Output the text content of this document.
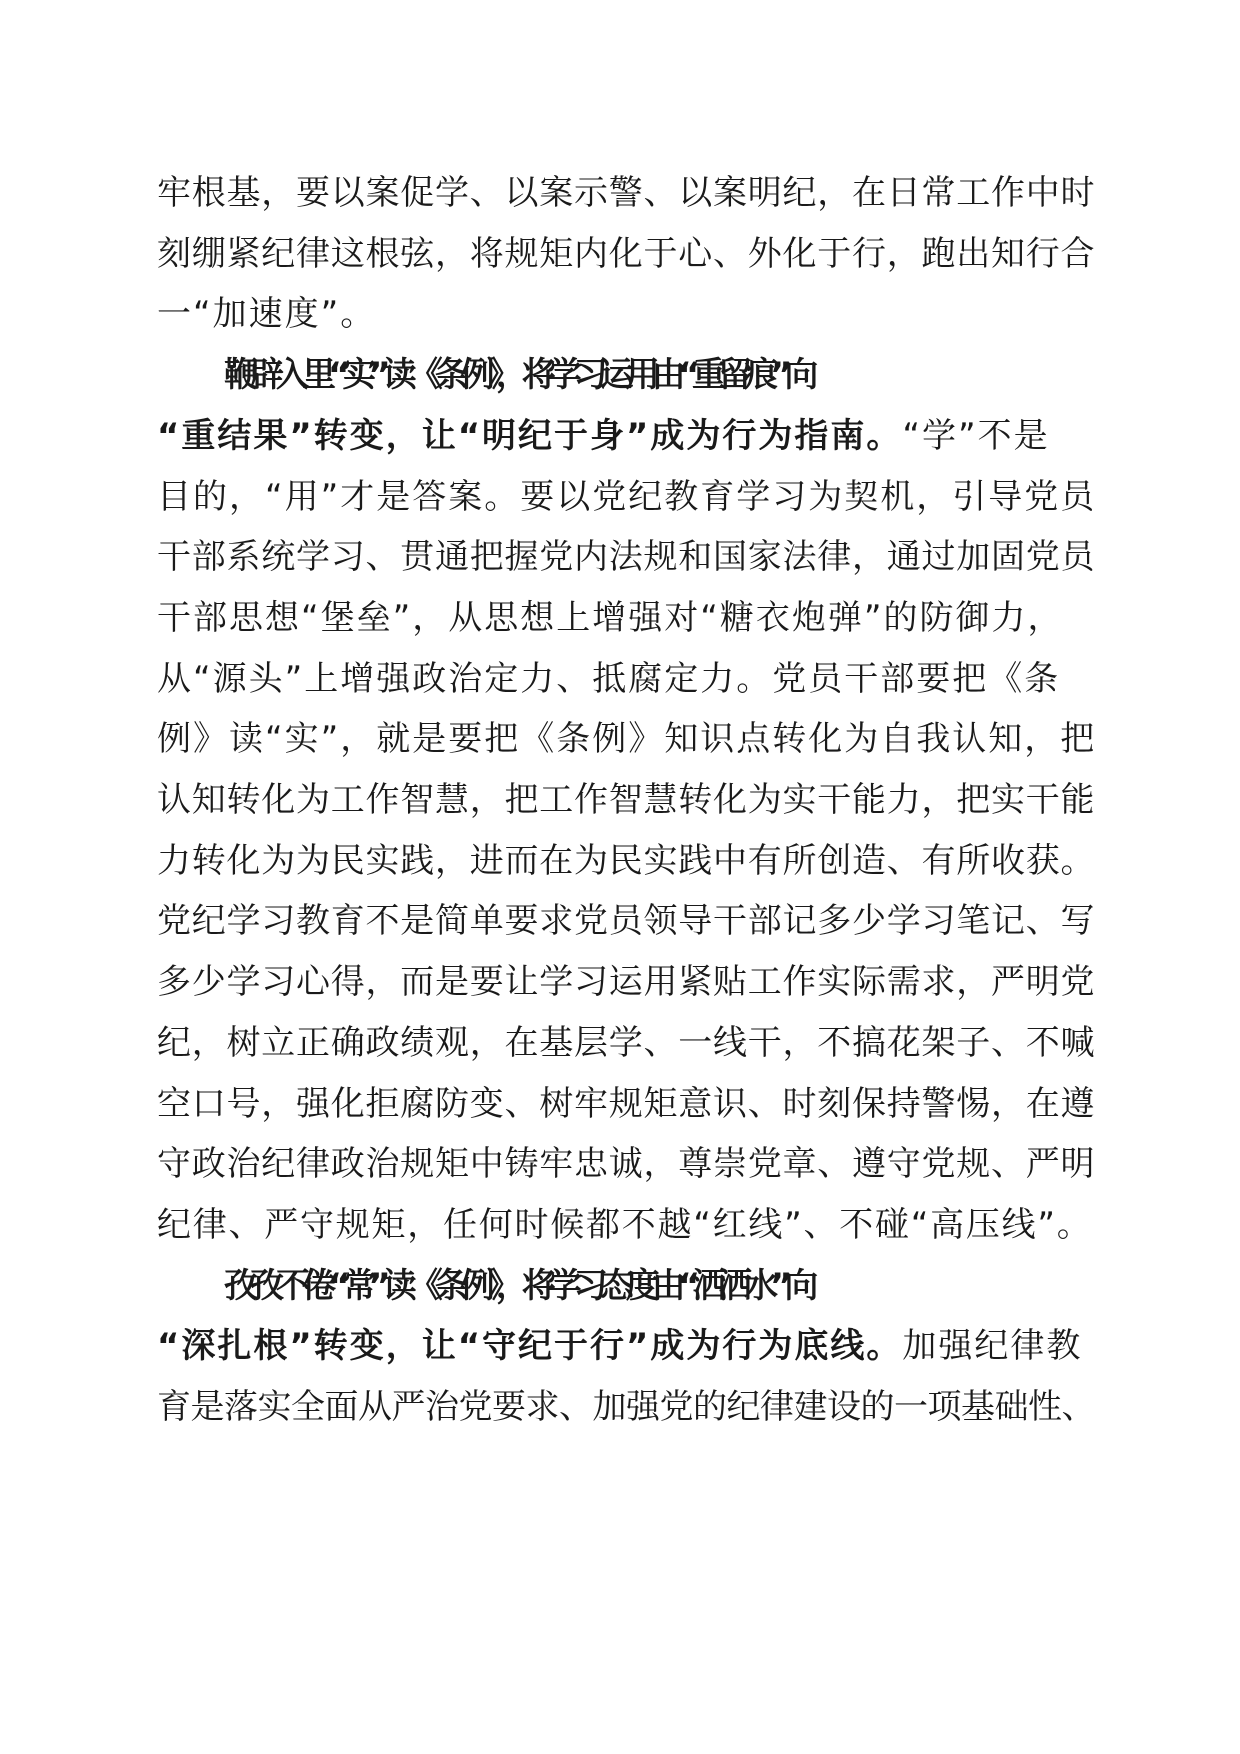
牢根基，要以案促学、以案示警、以案明纪，在日常工作中时
刻绷紧纪律这根弦，将规矩内化于心、外化于行，跑出知行合
一“加速度”。
鞭辟入里“实”读《条例》，将学习运用由“重留痕”向
“重结果”转变，让“明纪于身”成为行为指南。“学”不是
目的，“用”才是答案。要以党纪教育学习为契机，引导党员
干部系统学习、贯通把握党内法规和国家法律，通过加固党员
干部思想“堡垒”，从思想上增强对“糖衣炮弹”的防御力，
从“源头”上增强政治定力、抵腐定力。党员干部要把《条
例》读“实”，就是要把《条例》知识点转化为自我认知，把
认知转化为工作智慧，把工作智慧转化为实干能力，把实干能
力转化为为民实践，进而在为民实践中有所创造、有所收获。
党纪学习教育不是简单要求党员领导干部记多少学习笔记、写
多少学习心得，而是要让学习运用紧贴工作实际需求，严明党
纪，树立正确政绩观，在基层学、一线干，不搞花架子、不喊
空口号，强化拒腐防变、树牢规矩意识、时刻保持警惕，在遵
守政治纪律政治规矩中铸牢忠诚，尊崇党章、遵守党规、严明
纪律、严守规矩，任何时候都不越“红线”、不碰“高压线”。
孜孜不倦“常”读《条例》，将学习态度由“洒洒水”向
“深扎根”转变，让“守纪于行”成为行为底线。加强纪律教
育是落实全面从严治党要求、加强党的纪律建设的一项基础性、
